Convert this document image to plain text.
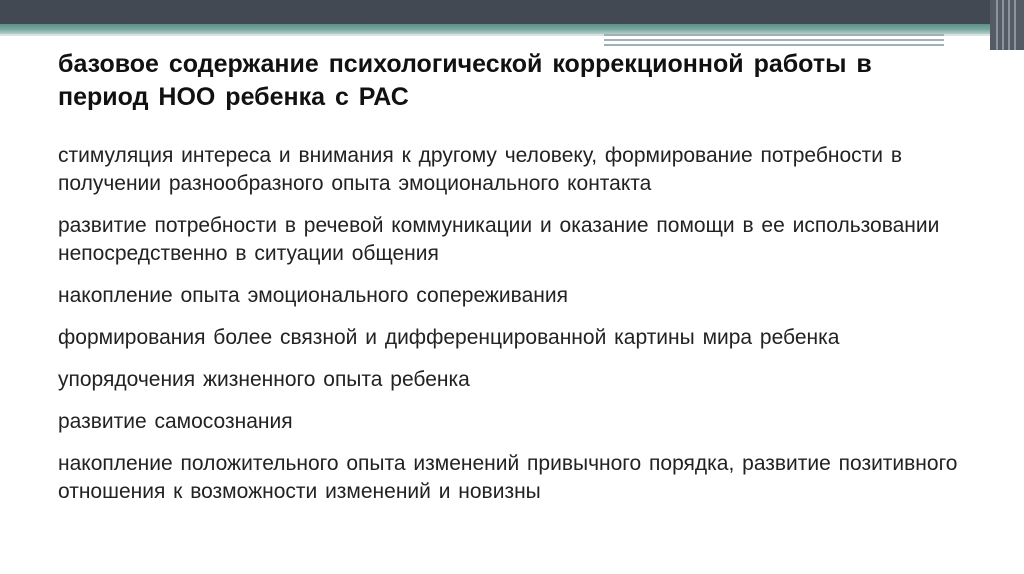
базовое содержание психологической коррекционной работы в период НОО ребенка с РАС
стимуляция интереса и внимания к другому человеку, формирование потребности в получении разнообразного опыта эмоционального контакта
развитие потребности в речевой коммуникации и оказание помощи в ее использовании непосредственно в ситуации общения
накопление опыта эмоционального сопереживания
формирования более связной и дифференцированной картины мира ребенка
упорядочения жизненного опыта ребенка
развитие самосознания
накопление положительного опыта изменений привычного порядка, развитие позитивного отношения к возможности изменений и новизны
